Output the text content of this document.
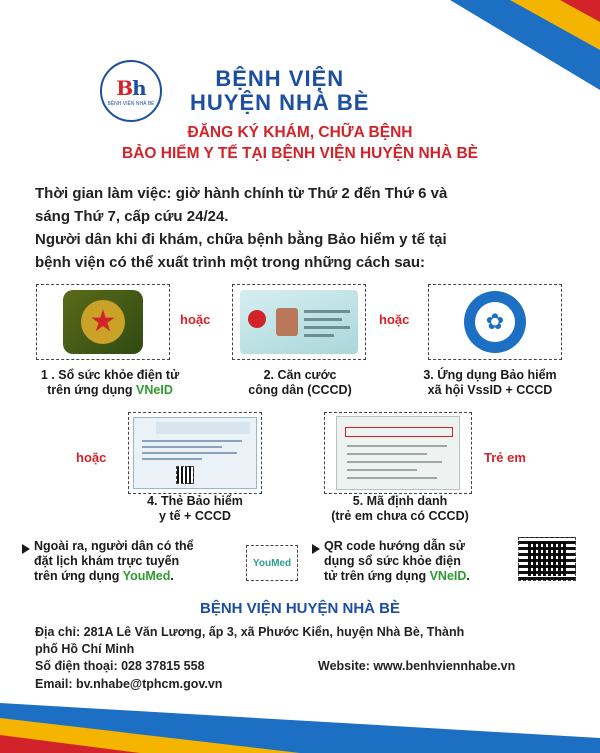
Bh
BỆNH VIỆN NHÀ BÈ
BỆNH VIỆN
HUYỆN NHÀ BÈ
ĐĂNG KÝ KHÁM, CHỮA BỆNH
BẢO HIỂM Y TẾ TẠI BỆNH VIỆN HUYỆN NHÀ BÈ
Thời gian làm việc: giờ hành chính từ Thứ 2 đến Thứ 6 và
sáng Thứ 7, cấp cứu 24/24.
Người dân khi đi khám, chữa bệnh bằng Bảo hiểm y tế tại
bệnh viện có thể xuất trình một trong những cách sau:
★	hoặc	hoặc	✿
1 . Sổ sức khỏe điện tử
trên ứng dụng VNeID
2. Căn cước
công dân (CCCD)
3. Ứng dụng Bảo hiểm
xã hội VssID + CCCD
hoặc	Trẻ em
4. Thẻ Bảo hiểm
y tế + CCCD
5. Mã định danh
(trẻ em chưa có CCCD)
Ngoài ra, người dân có thể
đặt lịch khám trực tuyến
trên ứng dụng YouMed.
YouMed
QR code hướng dẫn sử
dụng sổ sức khỏe điện
tử trên ứng dụng VNeID.
BỆNH VIỆN HUYỆN NHÀ BÈ
Địa chỉ: 281A Lê Văn Lương, ấp 3, xã Phước Kiển, huyện Nhà Bè, Thành
phố Hồ Chí Minh
Số điện thoại: 028 37815 558	Website: www.benhviennhabe.vn
Email: bv.nhabe@tphcm.gov.vn
